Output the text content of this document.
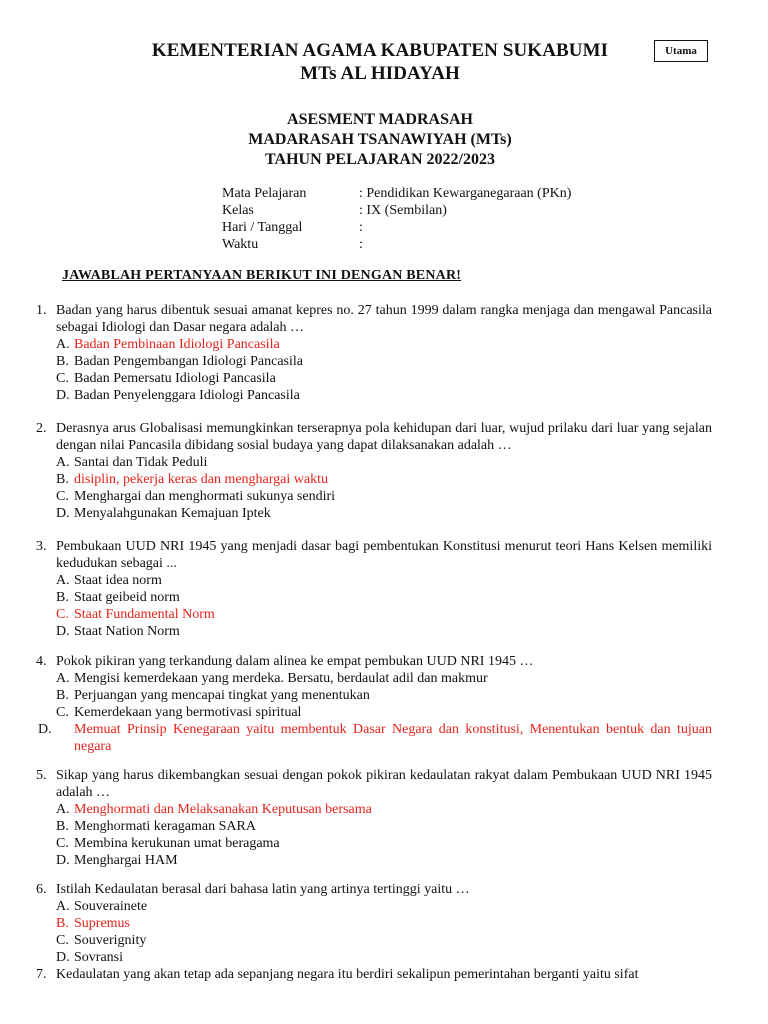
KEMENTERIAN AGAMA KABUPATEN SUKABUMI
MTs AL HIDAYAH
Utama
ASESMENT MADRASAH
MADARASAH TSANAWIYAH (MTs)
TAHUN PELAJARAN 2022/2023
Mata Pelajaran	: Pendidikan Kewarganegaraan (PKn)
Kelas	: IX (Sembilan)
Hari / Tanggal	:
Waktu	:
JAWABLAH PERTANYAAN BERIKUT INI DENGAN BENAR!
1. Badan yang harus dibentuk sesuai amanat kepres no. 27 tahun 1999 dalam rangka menjaga dan mengawal Pancasila sebagai Idiologi dan Dasar negara adalah …
A. Badan Pembinaan Idiologi Pancasila
B. Badan Pengembangan Idiologi Pancasila
C. Badan Pemersatu Idiologi Pancasila
D. Badan Penyelenggara Idiologi Pancasila
2. Derasnya arus Globalisasi memungkinkan terserapnya pola kehidupan dari luar, wujud prilaku dari luar yang sejalan dengan nilai Pancasila dibidang sosial budaya yang dapat dilaksanakan adalah …
A. Santai dan Tidak Peduli
B. disiplin, pekerja keras dan menghargai waktu
C. Menghargai dan menghormati sukunya sendiri
D. Menyalahgunakan Kemajuan Iptek
3. Pembukaan UUD NRI 1945 yang menjadi dasar bagi pembentukan Konstitusi menurut teori Hans Kelsen memiliki kedudukan sebagai ...
A. Staat idea norm
B. Staat geibeid norm
C. Staat Fundamental Norm
D. Staat Nation Norm
4. Pokok pikiran yang terkandung dalam alinea ke empat pembukan UUD NRI 1945 …
A. Mengisi kemerdekaan yang merdeka. Bersatu, berdaulat adil dan makmur
B. Perjuangan yang mencapai tingkat yang menentukan
C. Kemerdekaan yang bermotivasi spiritual
D. Memuat Prinsip Kenegaraan yaitu membentuk Dasar Negara dan konstitusi, Menentukan bentuk dan tujuan negara
5. Sikap yang harus dikembangkan sesuai dengan pokok pikiran kedaulatan rakyat dalam Pembukaan UUD NRI 1945 adalah …
A. Menghormati dan Melaksanakan Keputusan bersama
B. Menghormati keragaman SARA
C. Membina kerukunan umat beragama
D. Menghargai HAM
6. Istilah Kedaulatan berasal dari bahasa latin yang artinya tertinggi yaitu …
A. Souverainete
B. Supremus
C. Souverignity
D. Sovransi
7. Kedaulatan yang akan tetap ada sepanjang negara itu berdiri sekalipun pemerintahan berganti yaitu sifat
